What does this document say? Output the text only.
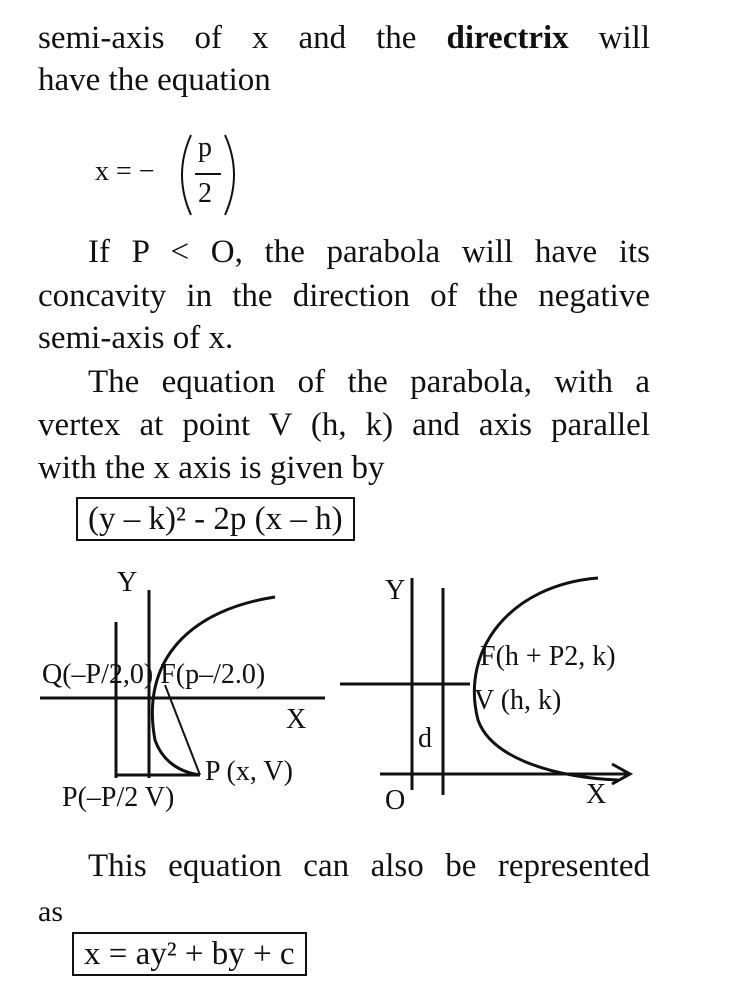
semi-axis of x and the directrix will
have the equation
x = −
p
2
If P < O, the parabola will have its
concavity in the direction of the negative
semi-axis of x.
The equation of the parabola, with a
vertex at point V (h, k) and axis parallel
with the x axis is given by
(y – k)² - 2p (x – h)
Y
Q(–P/2,0) F(p–/2.0)
X
P (x, V)
P(–P/2 V)
Y
F(h + P2, k)
V (h, k)
d
O	X
This equation can also be represented
as
x = ay² + by + c
